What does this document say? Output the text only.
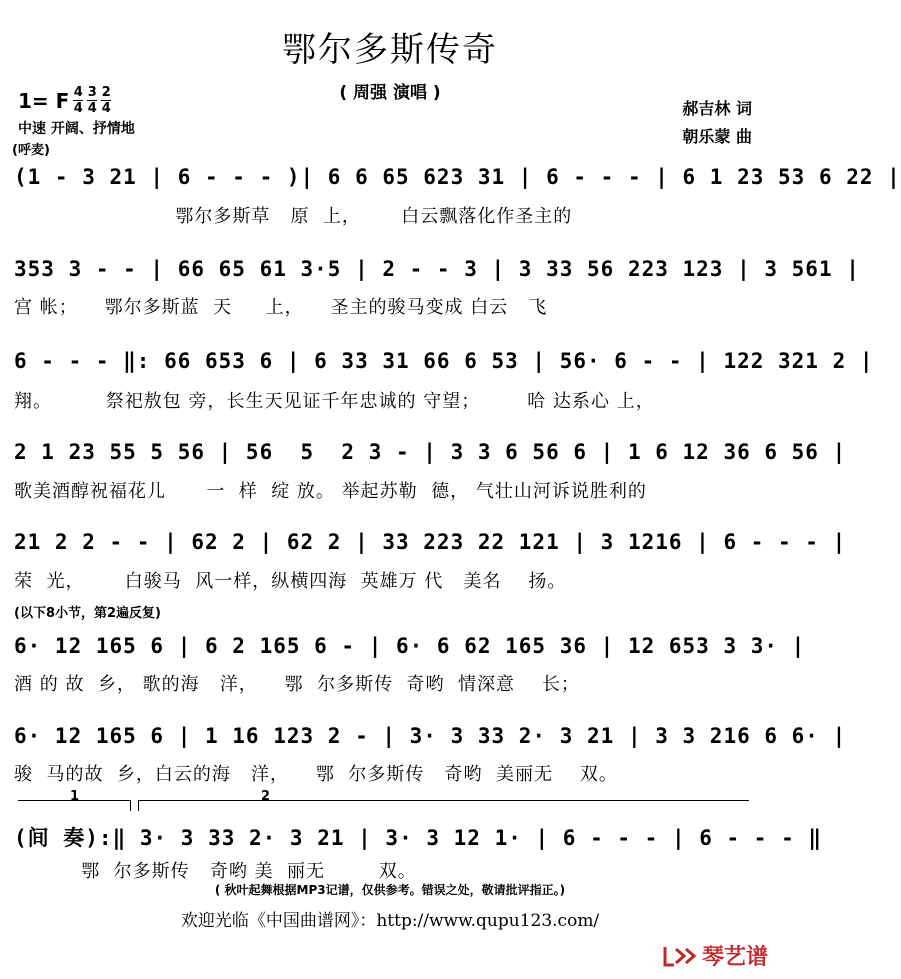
鄂尔多斯传奇
( 周强 演唱 )
1= F $\frac{4}{4} \frac{3}{4} \frac{2}{4}$
中速 开阔、抒情地
(呼麦)
郝吉林 词
朝乐蒙 曲
(1 - 3 21 | 6 - - - )| 6 6 65 623 31 | 6 - - - | 6 1 23 53 6 22 |
鄂尔多斯草   原  上，      白云飘落化作圣主的
353 3 - - | 66 65 61 3·5 | 2 - - 3 | 3 33 56 223 123 | 3 561 |
宫 帐；    鄂尔多斯蓝  天     上，    圣主的骏马变成 白云   飞
6 - - - ‖: 66 653 6 | 6 33 31 66 6 53 | 56· 6 - - | 122 321 2 |
翔。        祭祀敖包 旁，长生天见证千年忠诚的 守望；       哈 达系心 上，
2 1 23 55 5 56 | 56  5  2 3 - | 3 3 6 56 6 | 1 6 12 36 6 56 |
歌美酒醇祝福花儿      一  样  绽 放。 举起苏勒  德， 气壮山河诉说胜利的
21 2 2 - - | 62 2 | 62 2 | 33 223 22 121 | 3 1216 | 6 - - - |
荣  光，      白骏马  风一样，纵横四海  英雄万 代   美名    扬。
(以下8小节，第2遍反复)
6· 12 165 6 | 6 2 165 6 - | 6· 6 62 165 36 | 12 653 3 3· |
酒 的 故  乡， 歌的海   洋，    鄂  尔多斯传  奇哟  情深意    长；
6· 12 165 6 | 1 16 123 2 - | 3· 3 33 2· 3 21 | 3 3 216 6 6· |
骏  马的故  乡，白云的海   洋，    鄂  尔多斯传   奇哟  美丽无    双。
1	2
(间 奏):‖ 3· 3 33 2· 3 21 | 3· 3 12 1· | 6 - - - | 6 - - - ‖
鄂  尔多斯传   奇哟 美  丽无        双。
( 秋叶起舞根据MP3记谱，仅供参考。错误之处，敬请批评指正。)
欢迎光临《中国曲谱网》：http://www.qupu123.com/
琴艺谱
